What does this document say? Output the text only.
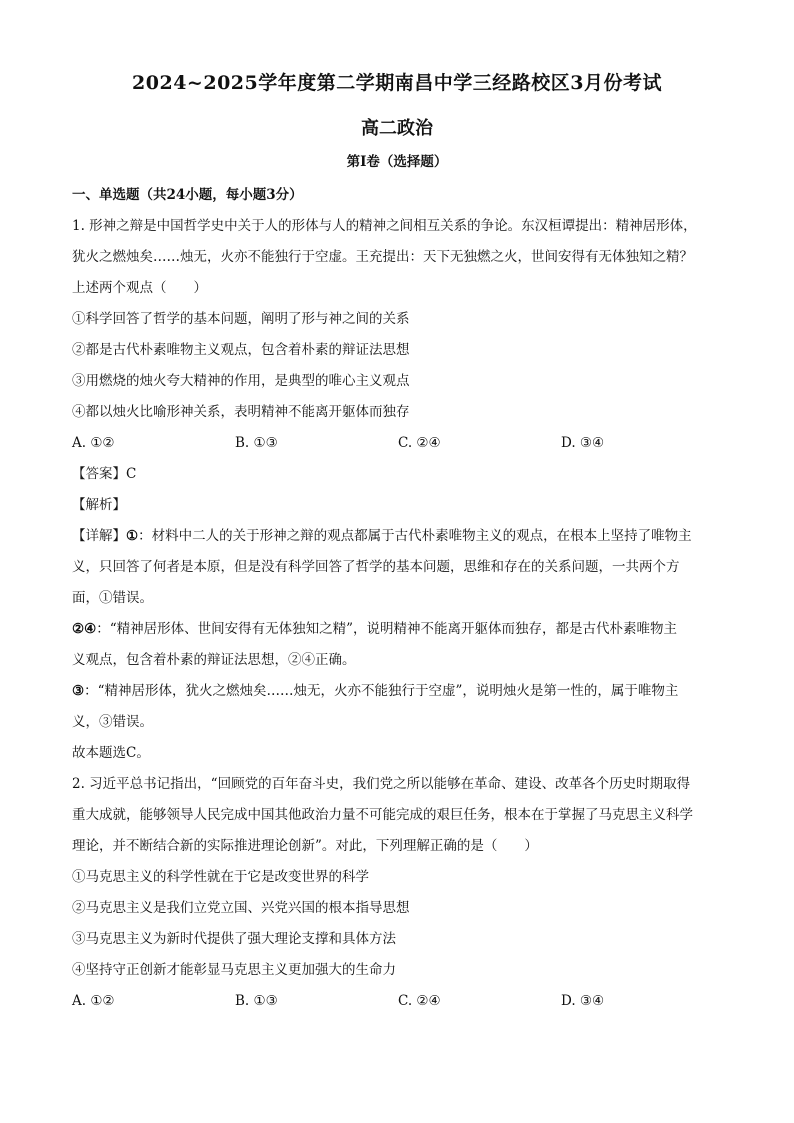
2024~2025学年度第二学期南昌中学三经路校区3月份考试
高二政治
第Ⅰ卷（选择题）
一、单选题（共24小题，每小题3分）
1. 形神之辩是中国哲学史中关于人的形体与人的精神之间相互关系的争论。东汉桓谭提出：精神居形体，
犹火之燃烛矣……烛无，火亦不能独行于空虚。王充提出：天下无独燃之火，世间安得有无体独知之精？
上述两个观点（　　）
①科学回答了哲学的基本问题，阐明了形与神之间的关系
②都是古代朴素唯物主义观点，包含着朴素的辩证法思想
③用燃烧的烛火夸大精神的作用，是典型的唯心主义观点
④都以烛火比喻形神关系，表明精神不能离开躯体而独存
A. ①②	B. ①③	C. ②④	D. ③④
【答案】C
【解析】
【详解】①：材料中二人的关于形神之辩的观点都属于古代朴素唯物主义的观点，在根本上坚持了唯物主
义，只回答了何者是本原，但是没有科学回答了哲学的基本问题，思维和存在的关系问题，一共两个方
面，①错误。
②④：“精神居形体、世间安得有无体独知之精”，说明精神不能离开躯体而独存，都是古代朴素唯物主
义观点，包含着朴素的辩证法思想，②④正确。
③：“精神居形体，犹火之燃烛矣……烛无，火亦不能独行于空虚”，说明烛火是第一性的，属于唯物主
义，③错误。
故本题选C。
2. 习近平总书记指出，“回顾党的百年奋斗史，我们党之所以能够在革命、建设、改革各个历史时期取得
重大成就，能够领导人民完成中国其他政治力量不可能完成的艰巨任务，根本在于掌握了马克思主义科学
理论，并不断结合新的实际推进理论创新”。对此，下列理解正确的是（　　）
①马克思主义的科学性就在于它是改变世界的科学
②马克思主义是我们立党立国、兴党兴国的根本指导思想
③马克思主义为新时代提供了强大理论支撑和具体方法
④坚持守正创新才能彰显马克思主义更加强大的生命力
A. ①②	B. ①③	C. ②④	D. ③④
